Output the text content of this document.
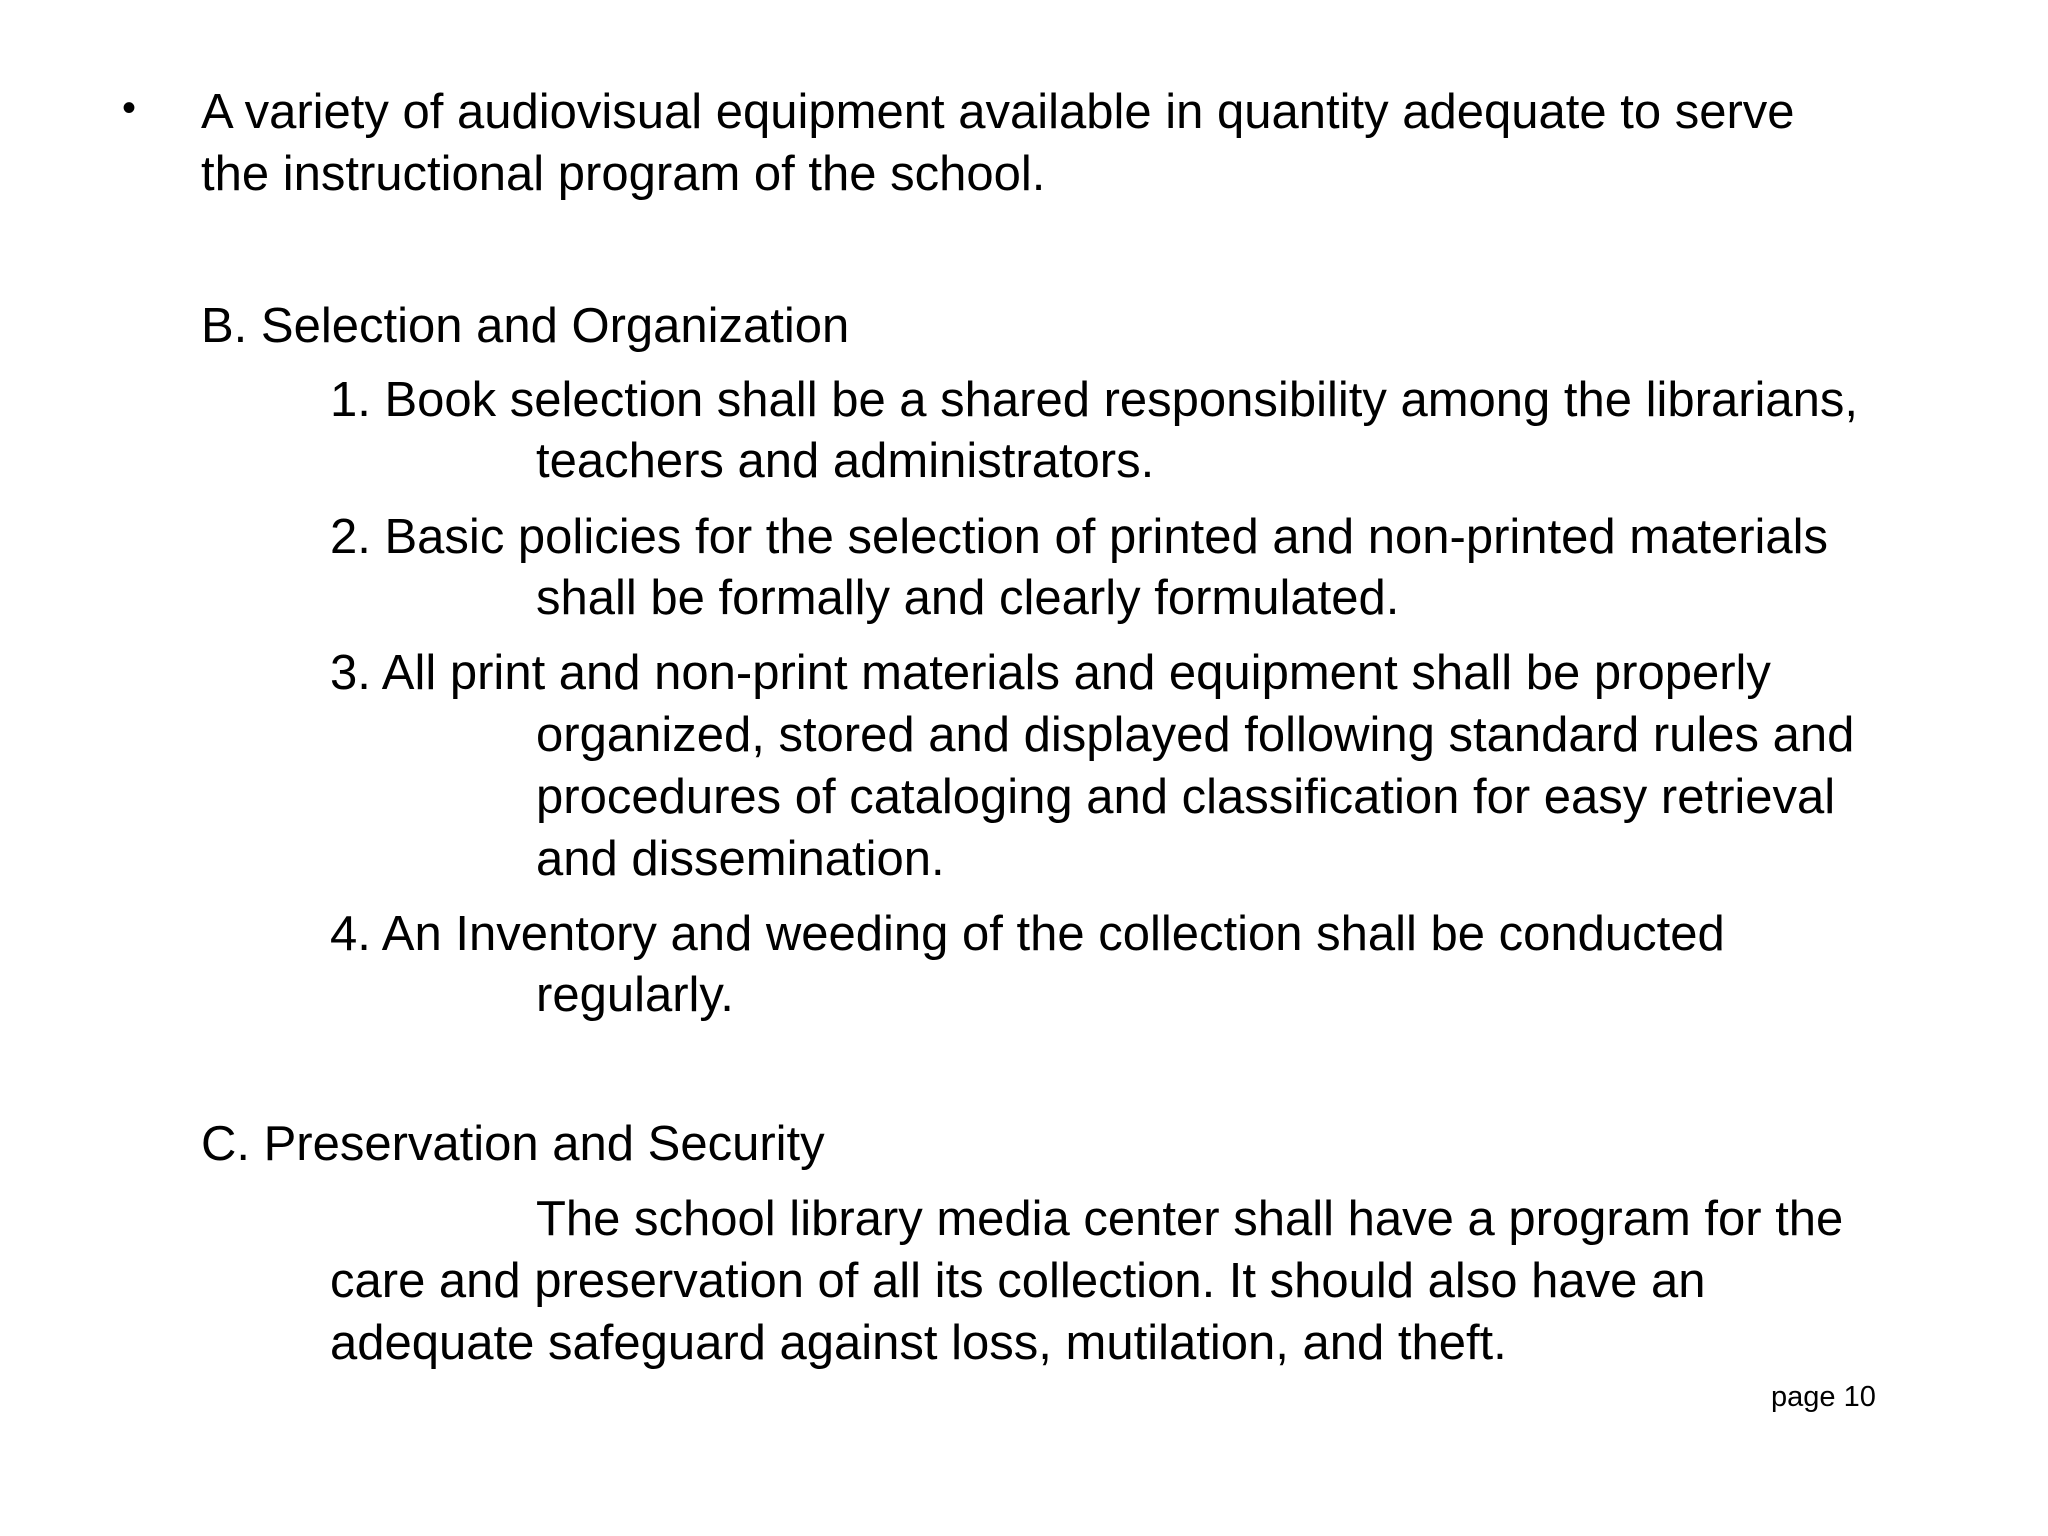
• A variety of audiovisual equipment available in quantity adequate to serve

the instructional program of the school.

B. Selection and Organization

1. Book selection shall be a shared responsibility among the librarians,

teachers and administrators.

2. Basic policies for the selection of printed and non-printed materials

shall be formally and clearly formulated.

3. All print and non-print materials and equipment shall be properly

organized, stored and displayed following standard rules and

procedures of cataloging and classification for easy retrieval

and dissemination.

4. An Inventory and weeding of the collection shall be conducted

regularly.

C. Preservation and Security

The school library media center shall have a program for the

care and preservation of all its collection. It should also have an

adequate safeguard against loss, mutilation, and theft.

page 10
